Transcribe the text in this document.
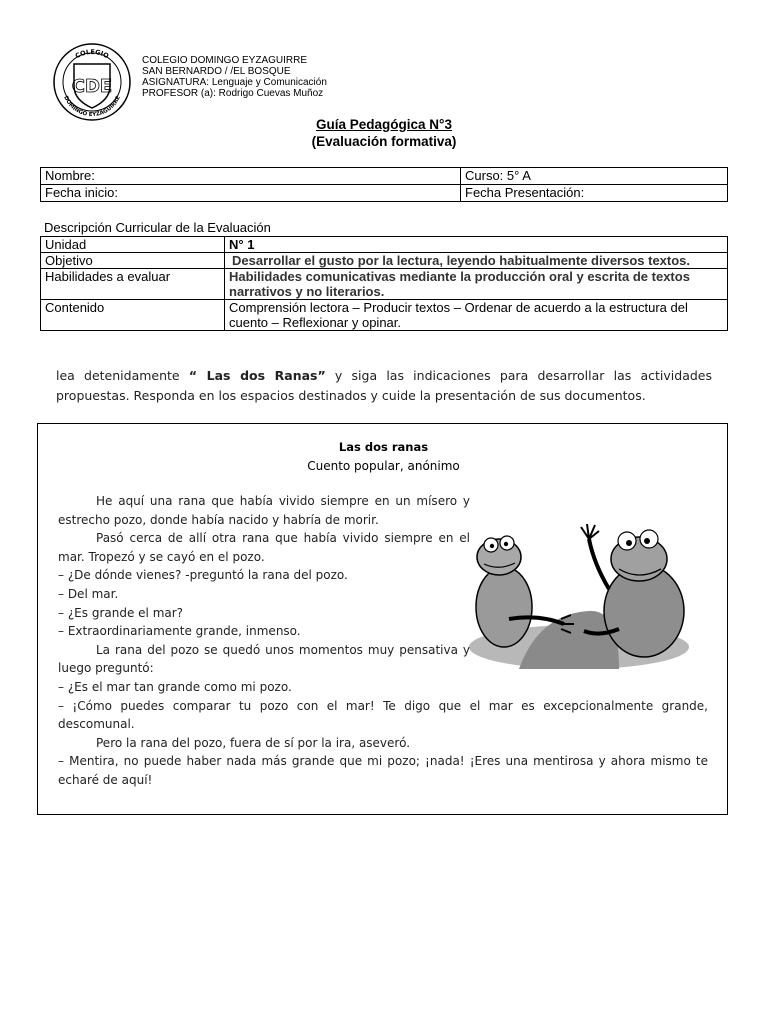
CDE
COLEGIO
DOMINGO EYZAGUIRRE
COLEGIO DOMINGO EYZAGUIRRE
SAN BERNARDO / /EL BOSQUE
ASIGNATURA: Lenguaje y Comunicación
PROFESOR (a): Rodrigo Cuevas Muñoz
Guía Pedagógica N°3
(Evaluación formativa)
Nombre:	Curso: 5° A
Fecha inicio:	Fecha Presentación:
Descripción Curricular de la Evaluación
Unidad	N° 1
Objetivo	Desarrollar el gusto por la lectura, leyendo habitualmente diversos textos.
Habilidades a evaluar	Habilidades comunicativas mediante la producción oral y escrita de textos narrativos y no literarios.
Contenido	Comprensión lectora – Producir textos – Ordenar de acuerdo a la estructura del cuento – Reflexionar y opinar.
lea detenidamente “ Las dos Ranas” y siga las indicaciones para desarrollar las actividades propuestas. Responda en los espacios destinados y cuide la presentación de sus documentos.
Las dos ranas
Cuento popular, anónimo

He aquí una rana que había vivido siempre en un mísero y estrecho pozo, donde había nacido y habría de morir.

Pasó cerca de allí otra rana que había vivido siempre en el mar. Tropezó y se cayó en el pozo.

– ¿De dónde vienes? -preguntó la rana del pozo.

– Del mar.

– ¿Es grande el mar?

– Extraordinariamente grande, inmenso.

La rana del pozo se quedó unos momentos muy pensativa y luego preguntó:

– ¿Es el mar tan grande como mi pozo.

– ¡Cómo puedes comparar tu pozo con el mar! Te digo que el mar es excepcionalmente grande, descomunal.

Pero la rana del pozo, fuera de sí por la ira, aseveró.

– Mentira, no puede haber nada más grande que mi pozo; ¡nada! ¡Eres una mentirosa y ahora mismo te echaré de aquí!
